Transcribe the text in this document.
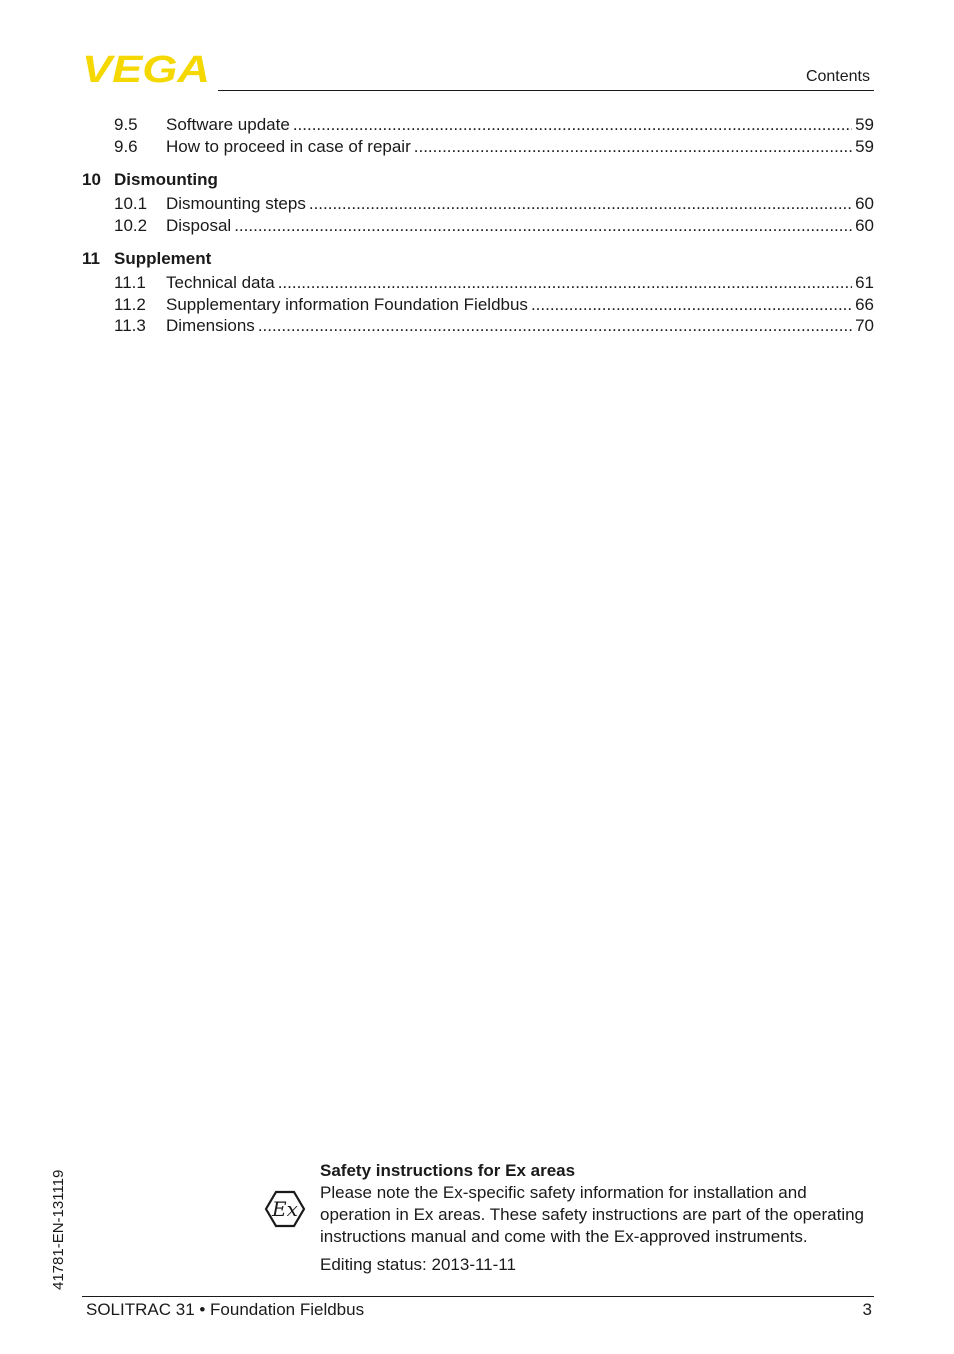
VEGA	Contents
9.5	Software update .....	59
9.6	How to proceed in case of repair .....	59
10 Dismounting
10.1	Dismounting steps .....	60
10.2	Disposal .....	60
11 Supplement
11.1	Technical data .....	61
11.2	Supplementary information Foundation Fieldbus .....	66
11.3	Dimensions .....	70
41781-EN-131119	Ex
Safety instructions for Ex areas
Please note the Ex-specific safety information for installation and operation in Ex areas. These safety instructions are part of the operating instructions manual and come with the Ex-approved instruments.
Editing status: 2013-11-11
SOLITRAC 31 • Foundation Fieldbus	3
